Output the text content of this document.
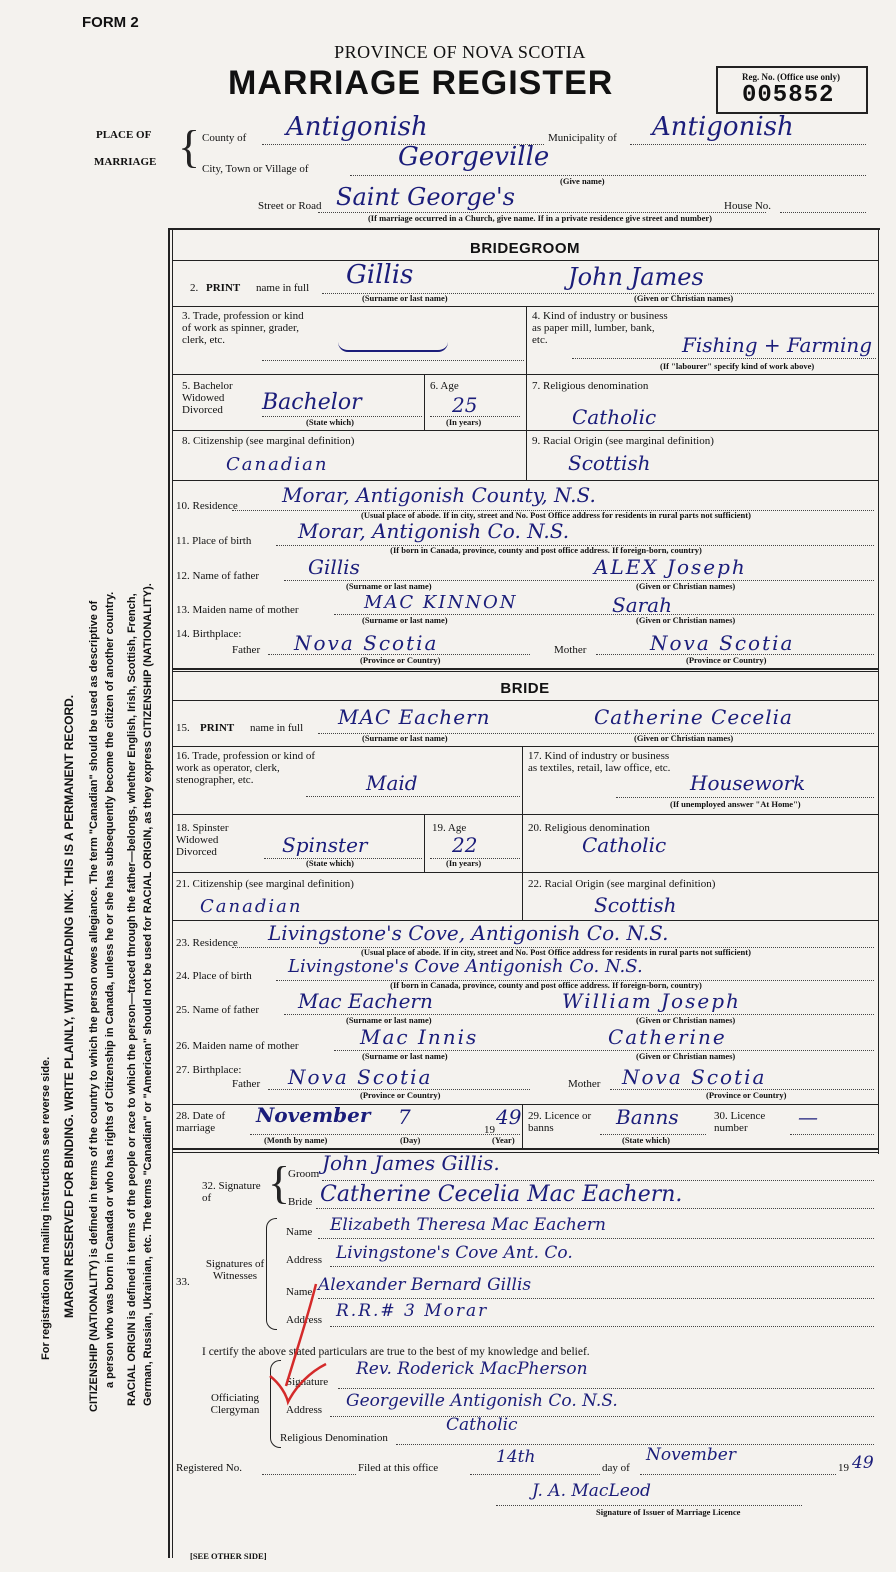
FORM 2
PROVINCE OF NOVA SCOTIA
MARRIAGE REGISTER	Reg. No. (Office use only)
005852
PLACE OF
MARRIAGE { County of Antigonish	Municipality of Antigonish
City, Town or Village of	Georgeville
(Give name)
Street or Road Saint George's	House No.
(If marriage occurred in a Church, give name. If in a private residence give street and number)
For registration and mailing instructions see reverse side. MARGIN RESERVED FOR BINDING. WRITE PLAINLY, WITH UNFADING INK. THIS IS A PERMANENT RECORD. CITIZENSHIP (NATIONALITY) is defined in terms of the country to which the person owes allegiance. The term "Canadian" should be used as descriptive of a person who was born in Canada or who has rights of Citizenship in Canada, unless he or she has subsequently become the citizen of another country. RACIAL ORIGIN is defined in terms of the people or race to which the person—traced through the father—belongs, whether English, Irish, Scottish, French, German, Russian, Ukrainian, etc. The terms "Canadian" or "American" should not be used for RACIAL ORIGIN, as they express CITIZENSHIP (NATIONALITY).
BRIDEGROOM
2. PRINT name in full Gillis	John James
(Surname or last name)	(Given or Christian names)
3. Trade, profession or kind of work as spinner, grader, clerk, etc.
4. Kind of industry or business as paper mill, lumber, bank, etc.	Fishing + Farming
(If "labourer" specify kind of work above)
5. Bachelor Widowed Divorced	Bachelor
(State which)
6. Age
25
(In years)
7. Religious denomination
Catholic
8. Citizenship (see marginal definition)
Canadian
9. Racial Origin (see marginal definition)
Scottish
10. Residence Morar, Antigonish County, N.S.
(Usual place of abode. If in city, street and No. Post Office address for residents in rural parts not sufficient)
11. Place of birth Morar, Antigonish Co. N.S.
(If born in Canada, province, county and post office address. If foreign-born, country)
12. Name of father Gillis	ALEX Joseph
(Surname or last name)	(Given or Christian names)
13. Maiden name of mother	MAC KINNON	Sarah
(Surname or last name)	(Given or Christian names)
14. Birthplace:
Father Nova Scotia
(Province or Country)
Mother	Nova Scotia
(Province or Country)
BRIDE
15. PRINT name in full MAC Eachern	Catherine Cecelia
(Surname or last name)	(Given or Christian names)
16. Trade, profession or kind of work as operator, clerk, stenographer, etc.	Maid
17. Kind of industry or business as textiles, retail, law office, etc.
Housework
(If unemployed answer "At Home")
18. Spinster Widowed Divorced	Spinster
(State which)
19. Age
22
(In years)
20. Religious denomination
Catholic
21. Citizenship (see marginal definition)
Canadian
22. Racial Origin (see marginal definition)
Scottish
23. Residence Livingstone's Cove, Antigonish Co. N.S.
(Usual place of abode. If in city, street and No. Post Office address for residents in rural parts not sufficient)
24. Place of birth Livingstone's Cove Antigonish Co. N.S.
(If born in Canada, province, county and post office address. If foreign-born, country)
25. Name of father Mac Eachern	William Joseph
(Surname or last name)	(Given or Christian names)
26. Maiden name of mother	Mac Innis	Catherine
(Surname or last name)	(Given or Christian names)
27. Birthplace:
Father Nova Scotia
(Province or Country)
Mother Nova Scotia
(Province or Country)
28. Date of marriage
November 7
19
49
(Month by name)	(Day)	(Year)
29. Licence or banns	Banns
(State which)
30. Licence number	—
32. Signature of	{
Groom John James Gillis.
Bride Catherine Cecelia Mac Eachern.
33.
Signatures of Witnesses
Name Elizabeth Theresa Mac Eachern
Address Livingstone's Cove Ant. Co.
Name Alexander Bernard Gillis
Address R.R.# 3 Morar
I certify the above stated particulars are true to the best of my knowledge and belief.
Officiating Clergyman
Signature
Rev. Roderick MacPherson
Address Georgeville Antigonish Co. N.S.
Religious Denomination
Catholic
Registered No.	Filed at this office
14th
day of
November
19 49
J. A. MacLeod
Signature of Issuer of Marriage Licence
[SEE OTHER SIDE]
